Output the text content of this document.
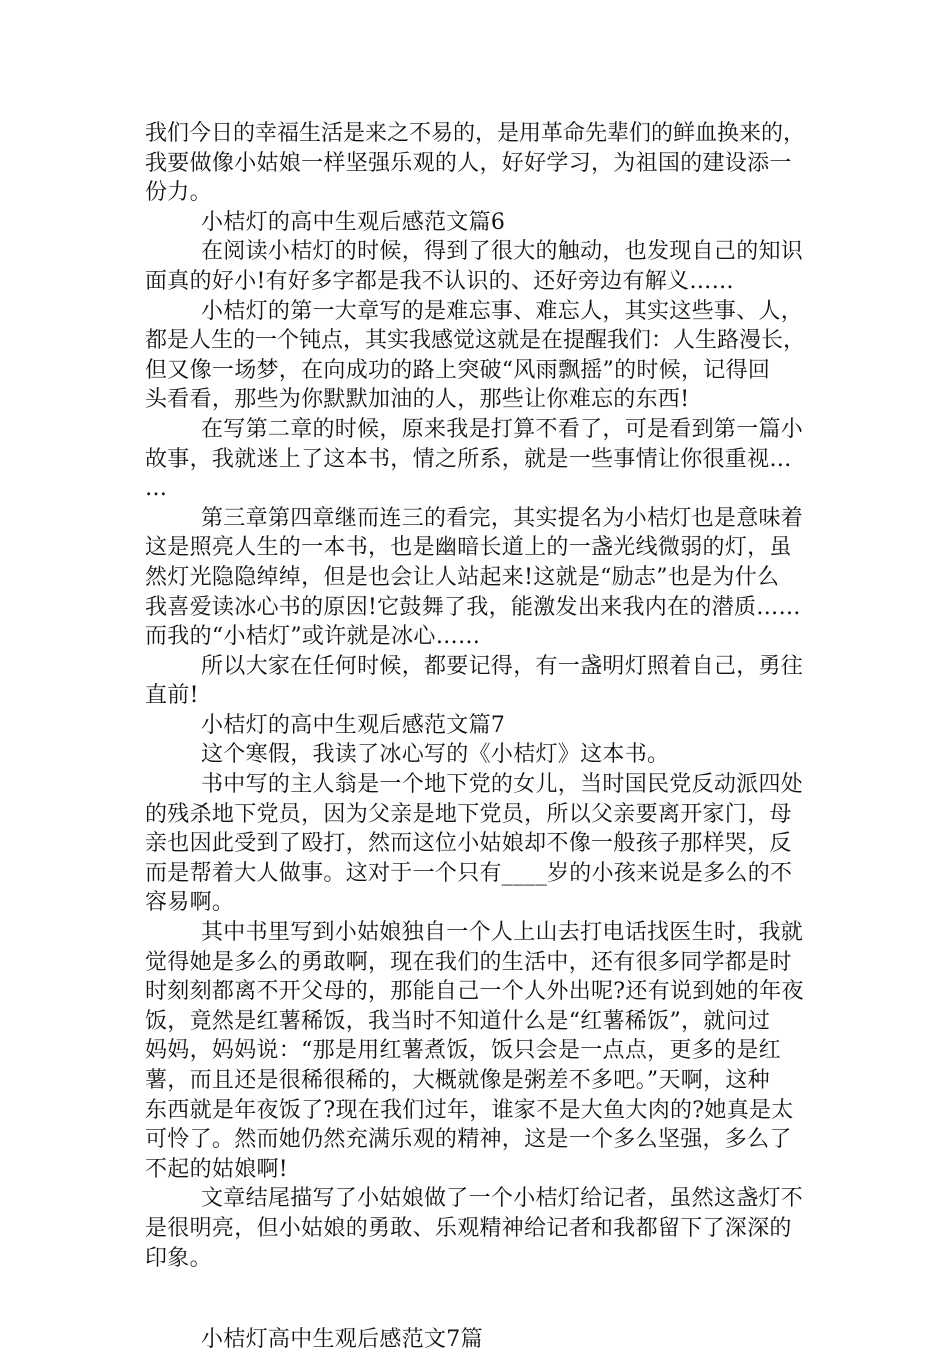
我们今日的幸福生活是来之不易的，是用革命先辈们的鲜血换来的，
我要做像小姑娘一样坚强乐观的人，好好学习，为祖国的建设添一
份力。
小桔灯的高中生观后感范文篇6
在阅读小桔灯的时候，得到了很大的触动，也发现自己的知识
面真的好小!有好多字都是我不认识的、还好旁边有解义……
小桔灯的第一大章写的是难忘事、难忘人，其实这些事、人，
都是人生的一个钝点，其实我感觉这就是在提醒我们：人生路漫长，
但又像一场梦，在向成功的路上突破“风雨飘摇”的时候，记得回
头看看，那些为你默默加油的人，那些让你难忘的东西!
在写第二章的时候，原来我是打算不看了，可是看到第一篇小
故事，我就迷上了这本书，情之所系，就是一些事情让你很重视…
…
第三章第四章继而连三的看完，其实提名为小桔灯也是意味着
这是照亮人生的一本书，也是幽暗长道上的一盏光线微弱的灯，虽
然灯光隐隐绰绰，但是也会让人站起来!这就是“励志”也是为什么
我喜爱读冰心书的原因!它鼓舞了我，能激发出来我内在的潜质……
而我的“小桔灯”或许就是冰心……
所以大家在任何时候，都要记得，有一盏明灯照着自己，勇往
直前!
小桔灯的高中生观后感范文篇7
这个寒假，我读了冰心写的《小桔灯》这本书。
书中写的主人翁是一个地下党的女儿，当时国民党反动派四处
的残杀地下党员，因为父亲是地下党员，所以父亲要离开家门，母
亲也因此受到了殴打，然而这位小姑娘却不像一般孩子那样哭，反
而是帮着大人做事。这对于一个只有____岁的小孩来说是多么的不
容易啊。
其中书里写到小姑娘独自一个人上山去打电话找医生时，我就
觉得她是多么的勇敢啊，现在我们的生活中，还有很多同学都是时
时刻刻都离不开父母的，那能自己一个人外出呢?还有说到她的年夜
饭，竟然是红薯稀饭，我当时不知道什么是“红薯稀饭”，就问过
妈妈，妈妈说：“那是用红薯煮饭，饭只会是一点点，更多的是红
薯，而且还是很稀很稀的，大概就像是粥差不多吧。”天啊，这种
东西就是年夜饭了?现在我们过年，谁家不是大鱼大肉的?她真是太
可怜了。然而她仍然充满乐观的精神，这是一个多么坚强，多么了
不起的姑娘啊!
文章结尾描写了小姑娘做了一个小桔灯给记者，虽然这盏灯不
是很明亮，但小姑娘的勇敢、乐观精神给记者和我都留下了深深的
印象。
小桔灯高中生观后感范文7篇
